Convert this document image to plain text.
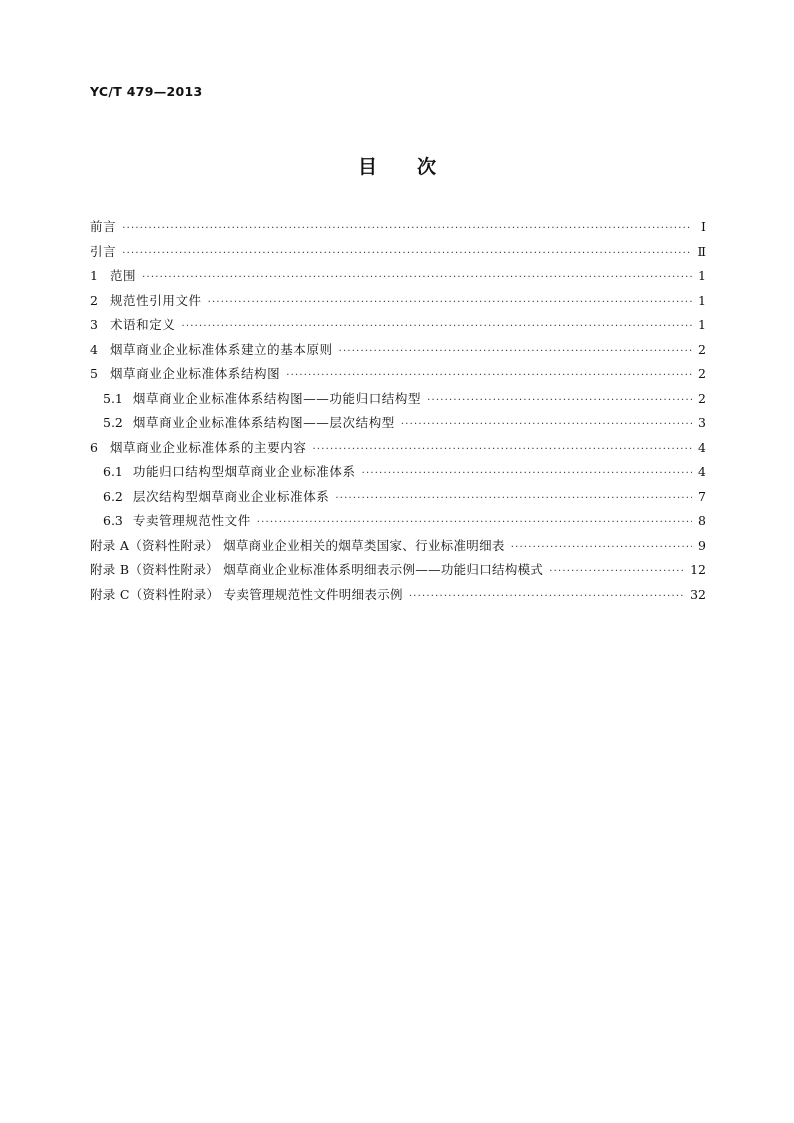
YC/T 479—2013
目 次
前言 ·····	Ⅰ
引言 ·····	Ⅱ
1 范围 ·····	1
2 规范性引用文件 ·····	1
3 术语和定义 ·····	1
4 烟草商业企业标准体系建立的基本原则 ·····	2
5 烟草商业企业标准体系结构图 ·····	2
5.1 烟草商业企业标准体系结构图——功能归口结构型 ·····	2
5.2 烟草商业企业标准体系结构图——层次结构型 ·····	3
6 烟草商业企业标准体系的主要内容 ·····	4
6.1 功能归口结构型烟草商业企业标准体系 ·····	4
6.2 层次结构型烟草商业企业标准体系 ·····	7
6.3 专卖管理规范性文件 ·····	8
附录 A（资料性附录） 烟草商业企业相关的烟草类国家、行业标准明细表 ·····	9
附录 B（资料性附录） 烟草商业企业标准体系明细表示例——功能归口结构模式 ·····	12
附录 C（资料性附录） 专卖管理规范性文件明细表示例 ·····	32
